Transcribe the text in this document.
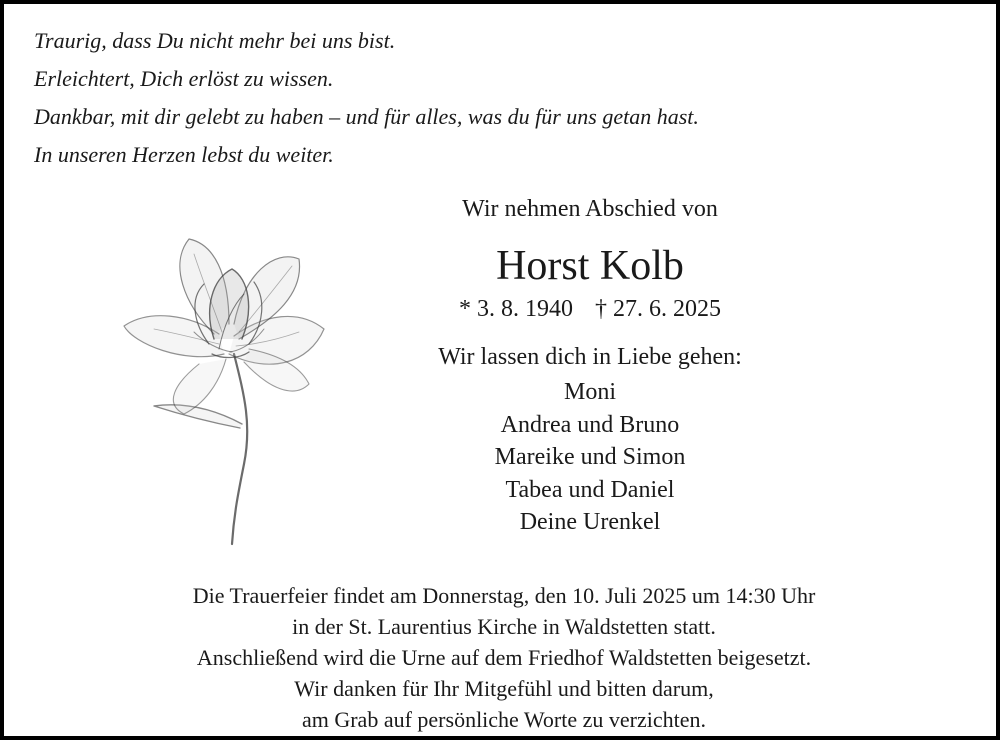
Traurig, dass Du nicht mehr bei uns bist.
Erleichtert, Dich erlöst zu wissen.
Dankbar, mit dir gelebt zu haben – und für alles, was du für uns getan hast.
In unseren Herzen lebst du weiter.
Wir nehmen Abschied von
Horst Kolb
* 3. 8. 1940 † 27. 6. 2025
Wir lassen dich in Liebe gehen:
Moni
Andrea und Bruno
Mareike und Simon
Tabea und Daniel
Deine Urenkel
Die Trauerfeier findet am Donnerstag, den 10. Juli 2025 um 14:30 Uhr
in der St. Laurentius Kirche in Waldstetten statt.
Anschließend wird die Urne auf dem Friedhof Waldstetten beigesetzt.
Wir danken für Ihr Mitgefühl und bitten darum,
am Grab auf persönliche Worte zu verzichten.
